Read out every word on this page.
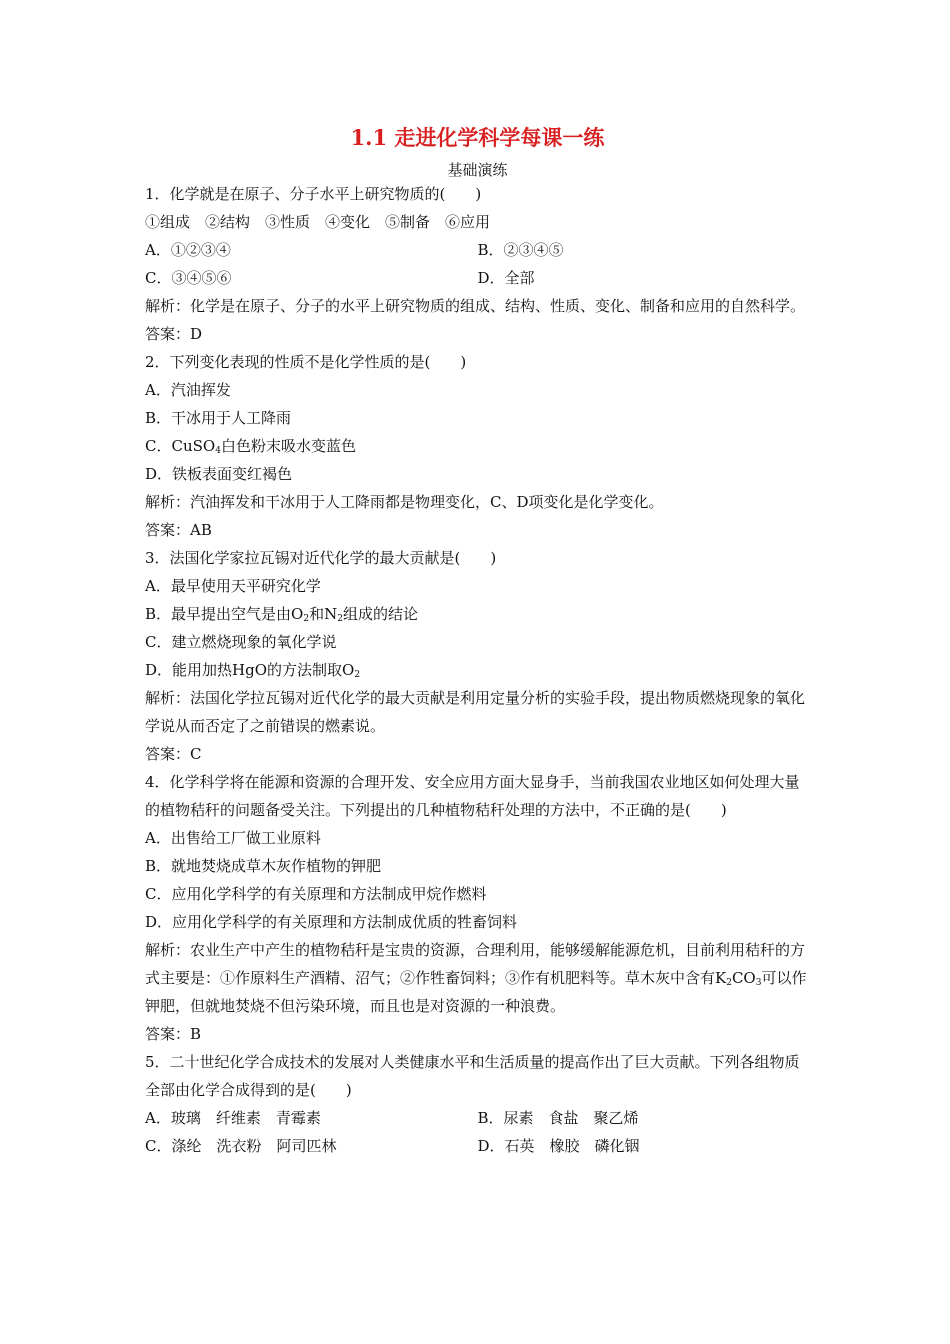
1.1 走进化学科学每课一练
基础演练
1．化学就是在原子、分子水平上研究物质的(　　)
①组成　②结构　③性质　④变化　⑤制备　⑥应用
A．①②③④	B．②③④⑤
C．③④⑤⑥	D．全部
解析：化学是在原子、分子的水平上研究物质的组成、结构、性质、变化、制备和应用的自然科学。
答案：D
2．下列变化表现的性质不是化学性质的是(　　)
A．汽油挥发
B．干冰用于人工降雨
C．CuSO$_4$白色粉末吸水变蓝色
D．铁板表面变红褐色
解析：汽油挥发和干冰用于人工降雨都是物理变化，C、D项变化是化学变化。
答案：AB
3．法国化学家拉瓦锡对近代化学的最大贡献是(　　)
A．最早使用天平研究化学
B．最早提出空气是由$O_2$和$N_2$组成的结论
C．建立燃烧现象的氧化学说
D．能用加热HgO的方法制取$O_2$
解析：法国化学拉瓦锡对近代化学的最大贡献是利用定量分析的实验手段，提出物质燃烧现象的氧化学说从而否定了之前错误的燃素说。
答案：C
4．化学科学将在能源和资源的合理开发、安全应用方面大显身手，当前我国农业地区如何处理大量的植物秸秆的问题备受关注。下列提出的几种植物秸秆处理的方法中，不正确的是(　　)
A．出售给工厂做工业原料
B．就地焚烧成草木灰作植物的钾肥
C．应用化学科学的有关原理和方法制成甲烷作燃料
D．应用化学科学的有关原理和方法制成优质的牲畜饲料
解析：农业生产中产生的植物秸秆是宝贵的资源，合理利用，能够缓解能源危机，目前利用秸秆的方式主要是：①作原料生产酒精、沼气；②作牲畜饲料；③作有机肥料等。草木灰中含有$K_2CO_3$可以作钾肥，但就地焚烧不但污染环境，而且也是对资源的一种浪费。
答案：B
5．二十世纪化学合成技术的发展对人类健康水平和生活质量的提高作出了巨大贡献。下列各组物质全部由化学合成得到的是(　　)
A．玻璃　纤维素　青霉素	B．尿素　食盐　聚乙烯
C．涤纶　洗衣粉　阿司匹林	D．石英　橡胶　磷化铟
